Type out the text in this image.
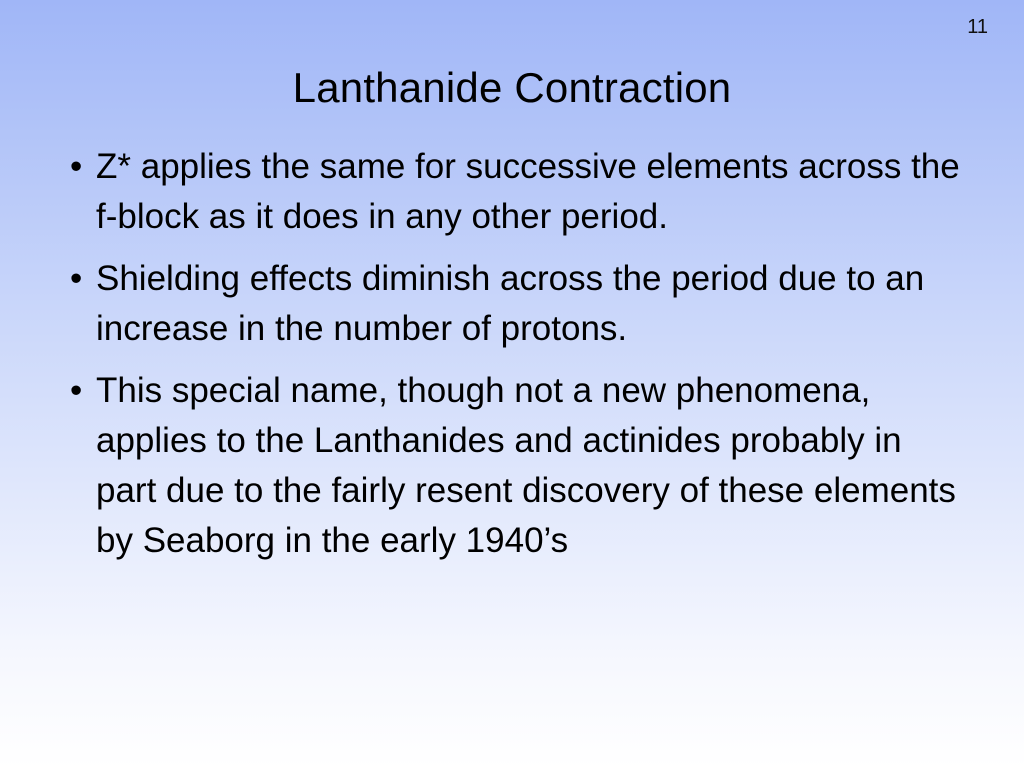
11
Lanthanide Contraction
• Z* applies the same for successive elements across the f-block as it does in any other period.
• Shielding effects diminish across the period due to an increase in the number of protons.
• This special name, though not a new phenomena, applies to the Lanthanides and actinides probably in part due to the fairly resent discovery of these elements by Seaborg in the early 1940’s
